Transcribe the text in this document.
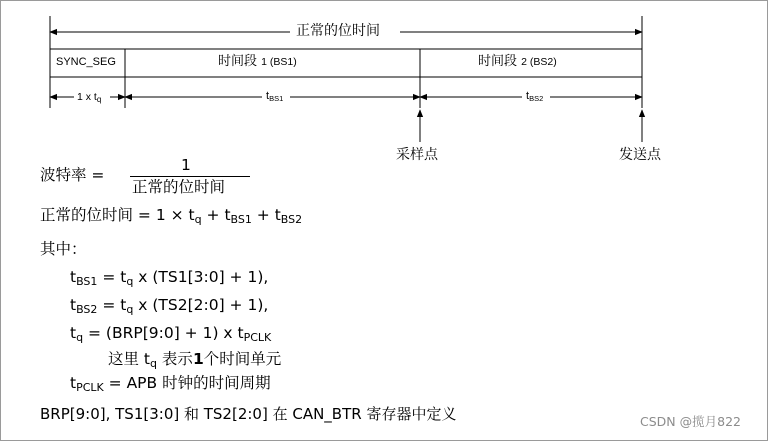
正常的位时间
SYNC_SEG	时间段 1 (BS1)	时间段 2 (BS2)
1 x $t_q$	$t_{BS1}$	$t_{BS2}$
采样点	发送点
波特率 =
1
正常的位时间
正常的位时间 = $1 \times t_q + t_{BS1} + t_{BS2}$
其中：
$t_{BS1} = t_q$ x (TS1[3:0] + 1),
$t_{BS2} = t_q$ x (TS2[2:0] + 1),
$t_q$ = (BRP[9:0] + 1) x $t_{PCLK}$
这里 $t_q$ 表示1个时间单元
$t_{PCLK}$ = APB 时钟的时间周期
BRP[9:0], TS1[3:0] 和 TS2[2:0] 在 CAN_BTR 寄存器中定义	CSDN @揽月822
